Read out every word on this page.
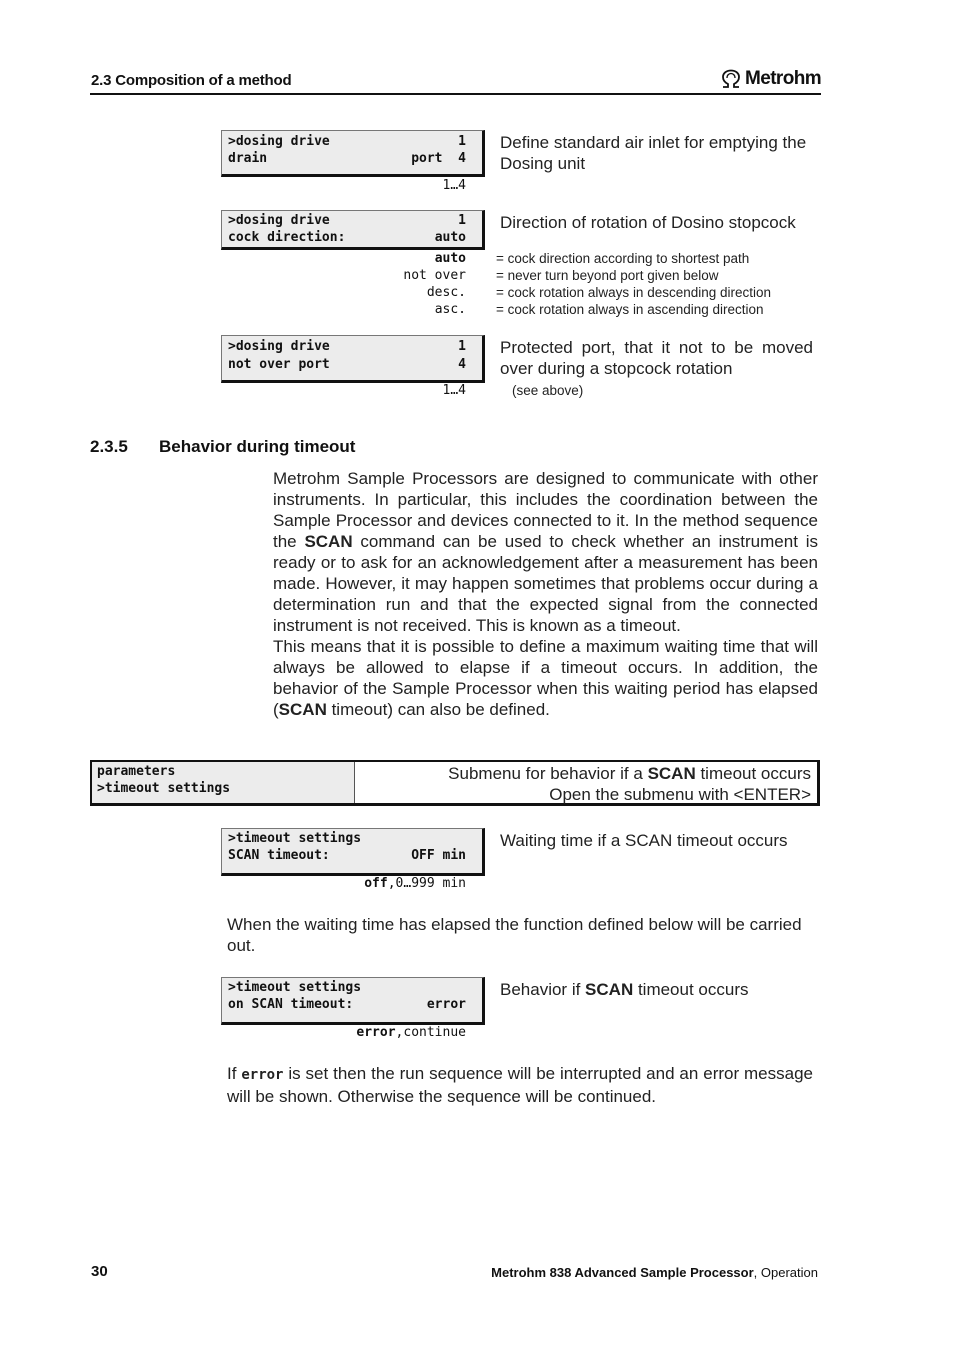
2.3 Composition of a method	Metrohm
>dosing drive	1
drain	port  4
1…4
Define standard air inlet for emptying the Dosing unit
>dosing drive	1
cock direction:	auto
Direction of rotation of Dosino stopcock
auto
not over
desc.
asc.
= cock direction according to shortest path
= never turn beyond port given below
= cock rotation always in descending direction
= cock rotation always in ascending direction
>dosing drive	1
not over port	4
1…4
Protected port, that it not to be moved over during a stopcock rotation
(see above)
2.3.5 Behavior during timeout

Metrohm Sample Processors are designed to communicate with other instruments. In particular, this includes the coordination between the Sample Processor and devices connected to it. In the method sequence the SCAN command can be used to check whether an instrument is ready or to ask for an acknowledgement after a measurement has been made. However, it may happen sometimes that problems occur during a determination run and that the expected signal from the connected instrument is not received. This is known as a timeout.

This means that it is possible to define a maximum waiting time that will always be allowed to elapse if a timeout occurs. In addition, the behavior of the Sample Processor when this waiting period has elapsed (SCAN timeout) can also be defined.

parameters
>timeout settings
Submenu for behavior if a SCAN timeout occurs
Open the submenu with <ENTER>
>timeout settings
SCAN timeout:	OFF min
off,0…999 min
Waiting time if a SCAN timeout occurs
When the waiting time has elapsed the function defined below will be carried out.
>timeout settings
on SCAN timeout:	error
error,continue
Behavior if SCAN timeout occurs
If error is set then the run sequence will be interrupted and an error message will be shown. Otherwise the sequence will be continued.
30	Metrohm 838 Advanced Sample Processor, Operation
